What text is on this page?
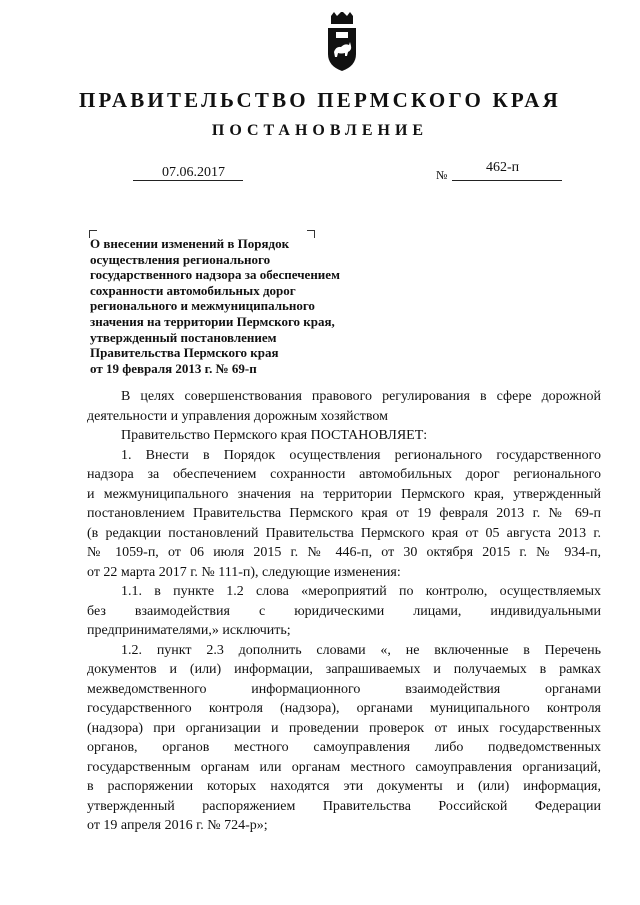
ПРАВИТЕЛЬСТВО ПЕРМСКОГО КРАЯ
ПОСТАНОВЛЕНИЕ
07.06.2017	№	462-п
О внесении изменений в Порядок
осуществления регионального
государственного надзора за обеспечением
сохранности автомобильных дорог
регионального и межмуниципального
значения на территории Пермского края,
утвержденный постановлением
Правительства Пермского края
от 19 февраля 2013 г. № 69-п
В целях совершенствования правового регулирования в сфере дорожной
деятельности и управления дорожным хозяйством
Правительство Пермского края ПОСТАНОВЛЯЕТ:
1. Внести в Порядок осуществления регионального государственного
надзора за обеспечением сохранности автомобильных дорог регионального
и межмуниципального значения на территории Пермского края, утвержденный
постановлением Правительства Пермского края от 19 февраля 2013 г. № 69-п
(в редакции постановлений Правительства Пермского края от 05 августа 2013 г.
№ 1059-п, от 06 июля 2015 г. № 446-п, от 30 октября 2015 г. № 934-п,
от 22 марта 2017 г. № 111-п), следующие изменения:
1.1. в пункте 1.2 слова «мероприятий по контролю, осуществляемых
без взаимодействия с юридическими лицами, индивидуальными
предпринимателями,» исключить;
1.2. пункт 2.3 дополнить словами «, не включенные в Перечень
документов и (или) информации, запрашиваемых и получаемых в рамках
межведомственного информационного взаимодействия органами
государственного контроля (надзора), органами муниципального контроля
(надзора) при организации и проведении проверок от иных государственных
органов, органов местного самоуправления либо подведомственных
государственным органам или органам местного самоуправления организаций,
в распоряжении которых находятся эти документы и (или) информация,
утвержденный распоряжением Правительства Российской Федерации
от 19 апреля 2016 г. № 724-р»;
